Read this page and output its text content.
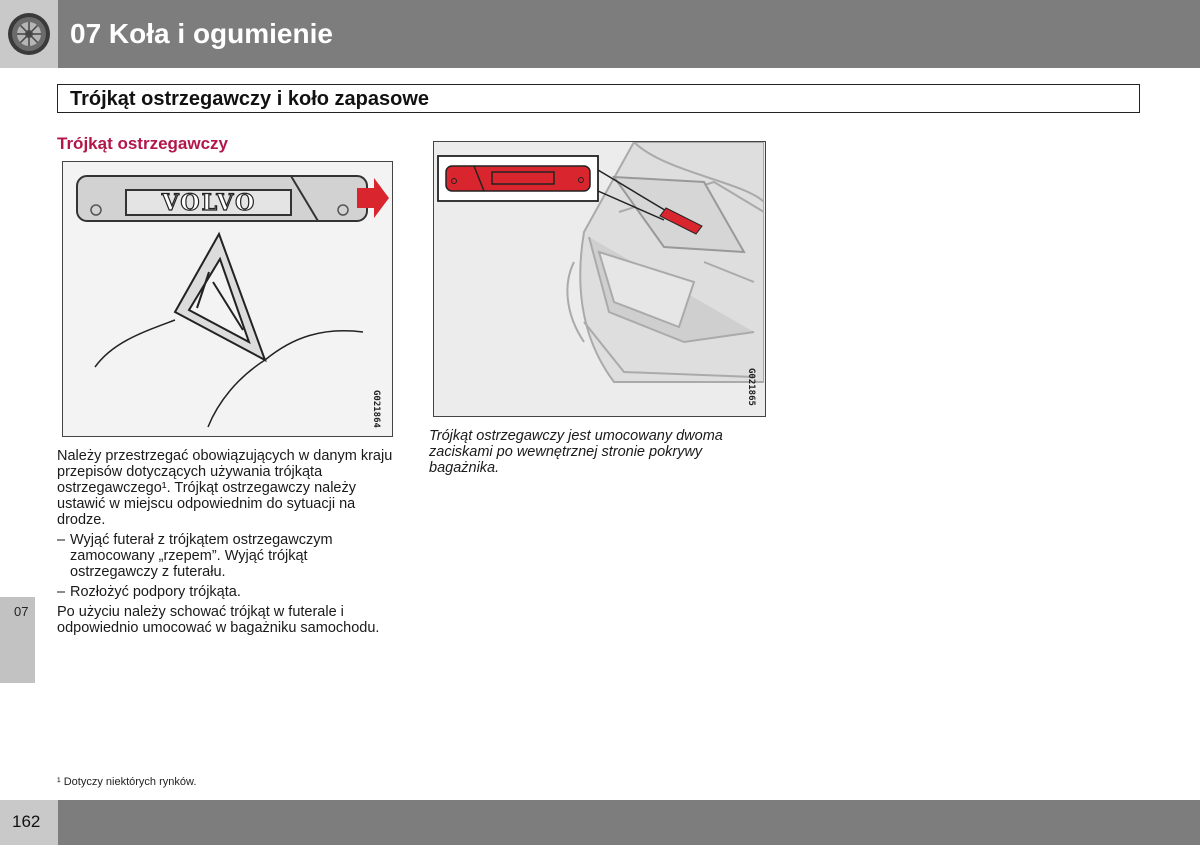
07 Koła i ogumienie
Trójkąt ostrzegawczy i koło zapasowe
Trójkąt ostrzegawczy
VOLVO
G021864
G021865
Trójkąt ostrzegawczy jest umocowany dwoma zaciskami po wewnętrznej stronie pokrywy bagażnika.

Należy przestrzegać obowiązujących w danym kraju przepisów dotyczących używania trójkąta ostrzegawczego¹. Trójkąt ostrzegawczy należy ustawić w miejscu odpowiednim do sytuacji na drodze.

– Wyjąć futerał z trójkątem ostrzegawczym zamocowany „rzepem”. Wyjąć trójkąt ostrzegawczy z futerału.
– Rozłożyć podpory trójkąta.

Po użyciu należy schować trójkąt w futerale i odpowiednio umocować w bagażniku samochodu.

07
¹ Dotyczy niektórych rynków.
162
